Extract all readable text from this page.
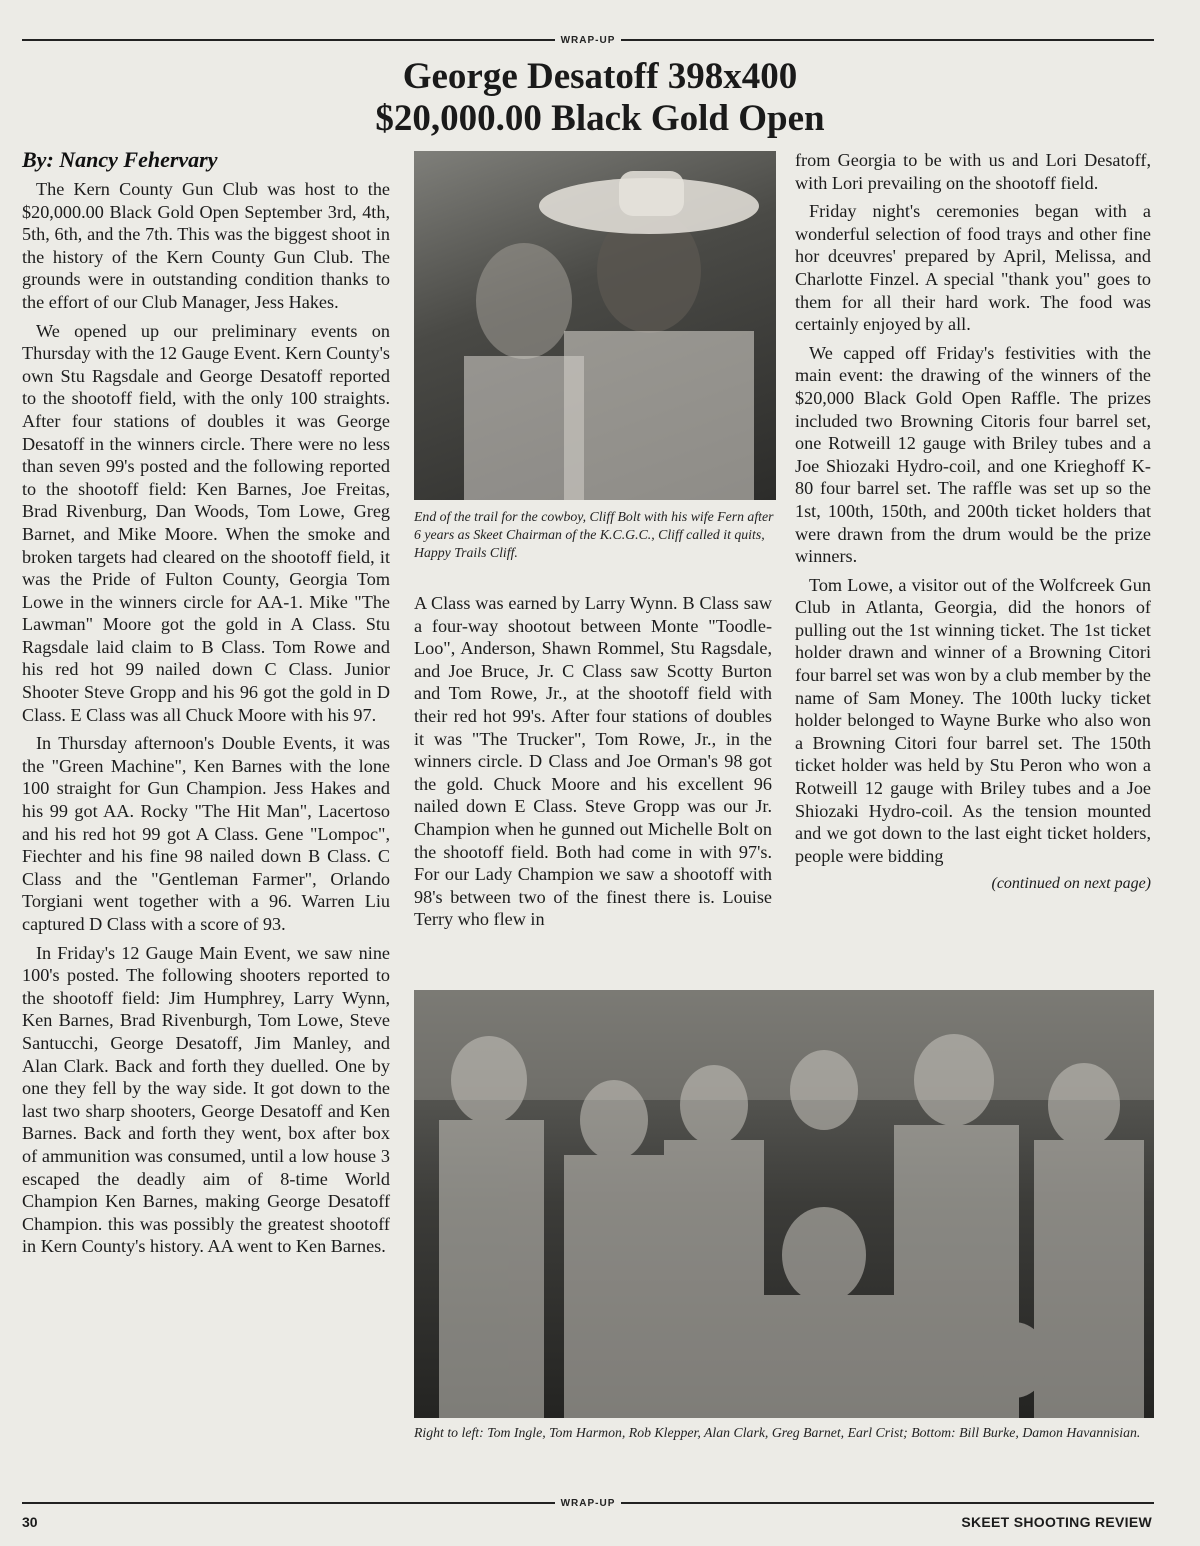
WRAP-UP
George Desatoff 398x400
$20,000.00 Black Gold Open
By: Nancy Fehervary

The Kern County Gun Club was host to the $20,000.00 Black Gold Open September 3rd, 4th, 5th, 6th, and the 7th. This was the biggest shoot in the history of the Kern County Gun Club. The grounds were in outstanding condition thanks to the effort of our Club Manager, Jess Hakes.

We opened up our preliminary events on Thursday with the 12 Gauge Event. Kern County's own Stu Ragsdale and George Desatoff reported to the shootoff field, with the only 100 straights. After four stations of doubles it was George Desatoff in the winners circle. There were no less than seven 99's posted and the following reported to the shootoff field: Ken Barnes, Joe Freitas, Brad Rivenburg, Dan Woods, Tom Lowe, Greg Barnet, and Mike Moore. When the smoke and broken targets had cleared on the shootoff field, it was the Pride of Fulton County, Georgia Tom Lowe in the winners circle for AA-1. Mike "The Lawman" Moore got the gold in A Class. Stu Ragsdale laid claim to B Class. Tom Rowe and his red hot 99 nailed down C Class. Junior Shooter Steve Gropp and his 96 got the gold in D Class. E Class was all Chuck Moore with his 97.

In Thursday afternoon's Double Events, it was the "Green Machine", Ken Barnes with the lone 100 straight for Gun Champion. Jess Hakes and his 99 got AA. Rocky "The Hit Man", Lacertoso and his red hot 99 got A Class. Gene "Lompoc", Fiechter and his fine 98 nailed down B Class. C Class and the "Gentleman Farmer", Orlando Torgiani went together with a 96. Warren Liu captured D Class with a score of 93.

In Friday's 12 Gauge Main Event, we saw nine 100's posted. The following shooters reported to the shootoff field: Jim Humphrey, Larry Wynn, Ken Barnes, Brad Rivenburgh, Tom Lowe, Steve Santucchi, George Desatoff, Jim Manley, and Alan Clark. Back and forth they duelled. One by one they fell by the way side. It got down to the last two sharp shooters, George Desatoff and Ken Barnes. Back and forth they went, box after box of ammunition was consumed, until a low house 3 escaped the deadly aim of 8-time World Champion Ken Barnes, making George Desatoff Champion. this was possibly the greatest shootoff in Kern County's history. AA went to Ken Barnes.

End of the trail for the cowboy, Cliff Bolt with his wife Fern after 6 years as Skeet Chairman of the K.C.G.C., Cliff called it quits, Happy Trails Cliff.

A Class was earned by Larry Wynn. B Class saw a four-way shootout between Monte "Toodle-Loo", Anderson, Shawn Rommel, Stu Ragsdale, and Joe Bruce, Jr. C Class saw Scotty Burton and Tom Rowe, Jr., at the shootoff field with their red hot 99's. After four stations of doubles it was "The Trucker", Tom Rowe, Jr., in the winners circle. D Class and Joe Orman's 98 got the gold. Chuck Moore and his excellent 96 nailed down E Class. Steve Gropp was our Jr. Champion when he gunned out Michelle Bolt on the shootoff field. Both had come in with 97's. For our Lady Champion we saw a shootoff with 98's between two of the finest there is. Louise Terry who flew in

from Georgia to be with us and Lori Desatoff, with Lori prevailing on the shootoff field.

Friday night's ceremonies began with a wonderful selection of food trays and other fine hor dceuvres' prepared by April, Melissa, and Charlotte Finzel. A special "thank you" goes to them for all their hard work. The food was certainly enjoyed by all.

We capped off Friday's festivities with the main event: the drawing of the winners of the $20,000 Black Gold Open Raffle. The prizes included two Browning Citoris four barrel set, one Rotweill 12 gauge with Briley tubes and a Joe Shiozaki Hydro-coil, and one Krieghoff K-80 four barrel set. The raffle was set up so the 1st, 100th, 150th, and 200th ticket holders that were drawn from the drum would be the prize winners.

Tom Lowe, a visitor out of the Wolfcreek Gun Club in Atlanta, Georgia, did the honors of pulling out the 1st winning ticket. The 1st ticket holder drawn and winner of a Browning Citori four barrel set was won by a club member by the name of Sam Money. The 100th lucky ticket holder belonged to Wayne Burke who also won a Browning Citori four barrel set. The 150th ticket holder was held by Stu Peron who won a Rotweill 12 gauge with Briley tubes and a Joe Shiozaki Hydro-coil. As the tension mounted and we got down to the last eight ticket holders, people were bidding

(continued on next page)
Right to left: Tom Ingle, Tom Harmon, Rob Klepper, Alan Clark, Greg Barnet, Earl Crist; Bottom: Bill Burke, Damon Havannisian.
WRAP-UP
30	SKEET SHOOTING REVIEW
